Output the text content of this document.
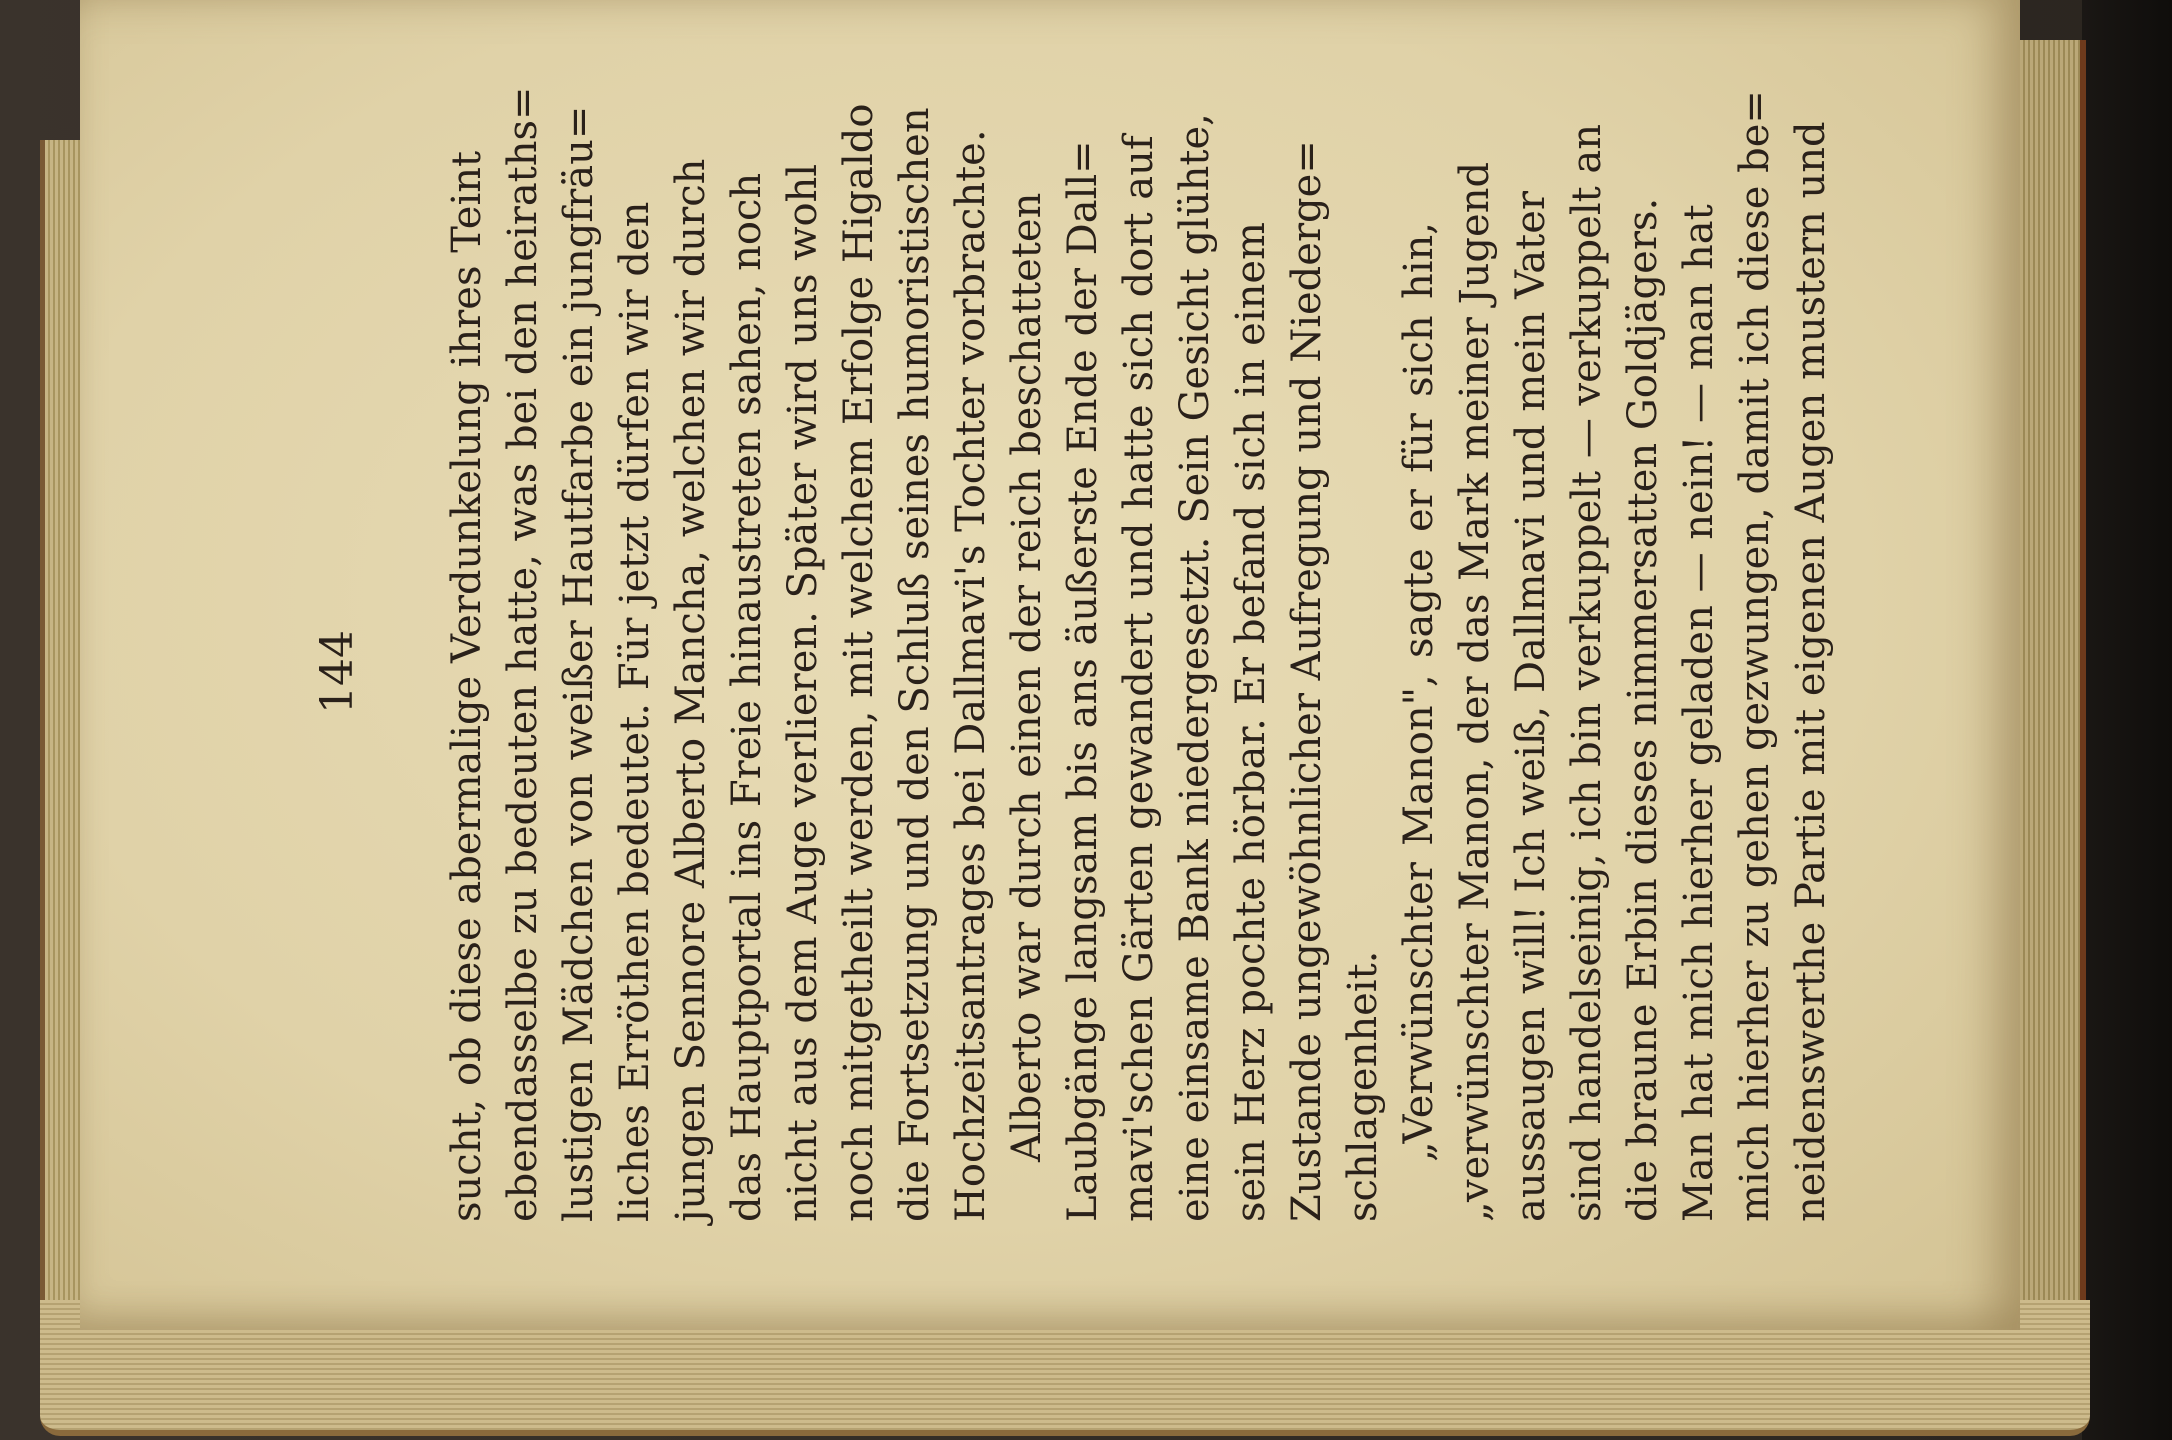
144 sucht, ob diese abermalige Verdunkelung ihres Teint ebendasselbe zu bedeuten hatte, was bei den heiraths= lustigen Mädchen von weißer Hautfarbe ein jungfräu= liches Erröthen bedeutet. Für jetzt dürfen wir den jungen Sennore Alberto Mancha, welchen wir durch das Hauptportal ins Freie hinaustreten sahen, noch nicht aus dem Auge verlieren. Später wird uns wohl noch mitgetheilt werden, mit welchem Erfolge Higaldo die Fortsetzung und den Schluß seines humoristischen Hochzeitsantrages bei Dallmavi's Tochter vorbrachte. Alberto war durch einen der reich beschatteten Laubgänge langsam bis ans äußerste Ende der Dall= mavi'schen Gärten gewandert und hatte sich dort auf eine einsame Bank niedergesetzt. Sein Gesicht glühte, sein Herz pochte hörbar. Er befand sich in einem Zustande ungewöhnlicher Aufregung und Niederge= schlagenheit. „Verwünschter Manon", sagte er für sich hin, „verwünschter Manon, der das Mark meiner Jugend aussaugen will! Ich weiß, Dallmavi und mein Vater sind handelseinig, ich bin verkuppelt — verkuppelt an die braune Erbin dieses nimmersatten Goldjägers. Man hat mich hierher geladen — nein! — man hat mich hierher zu gehen gezwungen, damit ich diese be= neidenswerthe Partie mit eigenen Augen mustern und
